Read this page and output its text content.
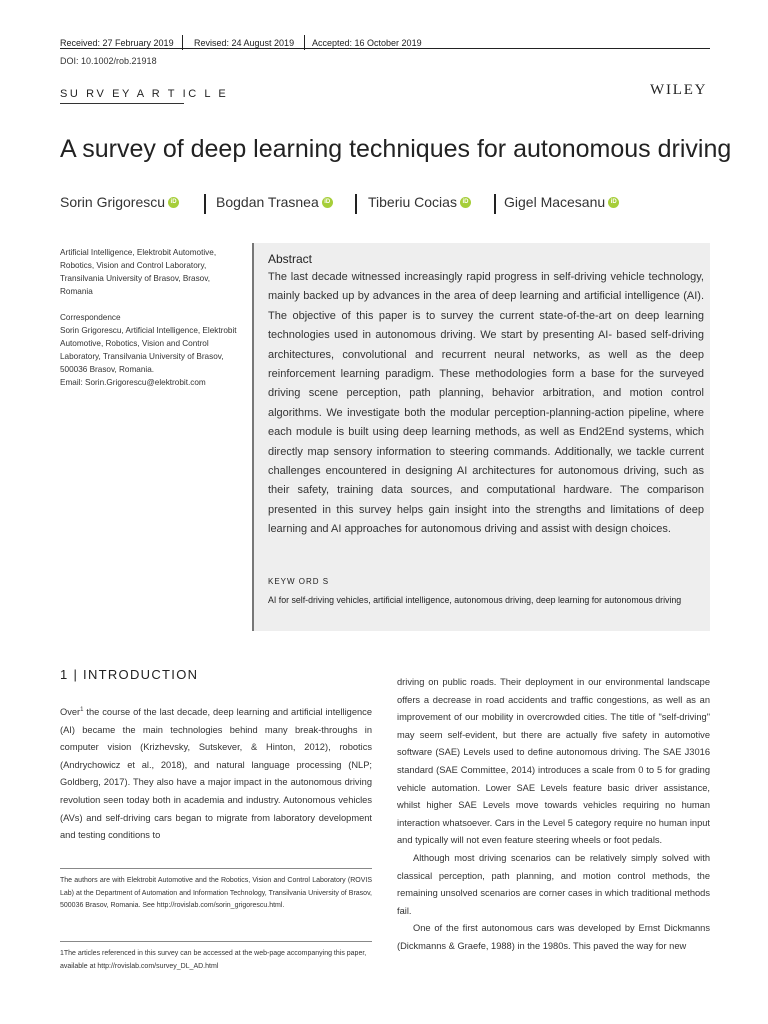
Received: 27 February 2019 Revised: 24 August 2019 Accepted: 16 October 2019
DOI: 10.1002/rob.21918
SU RV EY A R T IC L E	WILEY
A survey of deep learning techniques for autonomous driving
Sorin Grigorescu iD	Bogdan Trasnea iD	Tiberiu Cocias iD	Gigel Macesanu iD
Artificial Intelligence, Elektrobit Automotive, Robotics, Vision and Control Laboratory, Transilvania University of Brasov, Brasov, Romania
Correspondence
Sorin Grigorescu, Artificial Intelligence, Elektrobit Automotive, Robotics, Vision and Control Laboratory, Transilvania University of Brasov, 500036 Brasov, Romania.
Email: Sorin.Grigorescu@elektrobit.com
Abstract
The last decade witnessed increasingly rapid progress in self-driving vehicle technology, mainly backed up by advances in the area of deep learning and artificial intelligence (AI). The objective of this paper is to survey the current state-of-the-art on deep learning technologies used in autonomous driving. We start by presenting AI- based self-driving architectures, convolutional and recurrent neural networks, as well as the deep reinforcement learning paradigm. These methodologies form a base for the surveyed driving scene perception, path planning, behavior arbitration, and motion control algorithms. We investigate both the modular perception-planning-action pipeline, where each module is built using deep learning methods, as well as End2End systems, which directly map sensory information to steering commands. Additionally, we tackle current challenges encountered in designing AI architectures for autonomous driving, such as their safety, training data sources, and computational hardware. The comparison presented in this survey helps gain insight into the strengths and limitations of deep learning and AI approaches for autonomous driving and assist with design choices.
KEYW ORD S
AI for self-driving vehicles, artificial intelligence, autonomous driving, deep learning for autonomous driving
1 | INTRODUCTION
Over$^1$ the course of the last decade, deep learning and artificial intelligence (AI) became the main technologies behind many break-throughs in computer vision (Krizhevsky, Sutskever, & Hinton, 2012), robotics (Andrychowicz et al., 2018), and natural language processing (NLP; Goldberg, 2017). They also have a major impact in the autonomous driving revolution seen today both in academia and industry. Autonomous vehicles (AVs) and self-driving cars began to migrate from laboratory development and testing conditions to
The authors are with Elektrobit Automotive and the Robotics, Vision and Control Laboratory (ROVIS Lab) at the Department of Automation and Information Technology, Transilvania University of Brasov, 500036 Brasov, Romania. See http://rovislab.com/sorin_grigorescu.html.
1The articles referenced in this survey can be accessed at the web-page accompanying this paper, available at http://rovislab.com/survey_DL_AD.html

driving on public roads. Their deployment in our environmental landscape offers a decrease in road accidents and traffic congestions, as well as an improvement of our mobility in overcrowded cities. The title of "self-driving" may seem self-evident, but there are actually five safety in automotive software (SAE) Levels used to define autonomous driving. The SAE J3016 standard (SAE Committee, 2014) introduces a scale from 0 to 5 for grading vehicle automation. Lower SAE Levels feature basic driver assistance, whilst higher SAE Levels move towards vehicles requiring no human interaction whatsoever. Cars in the Level 5 category require no human input and typically will not even feature steering wheels or foot pedals.

Although most driving scenarios can be relatively simply solved with classical perception, path planning, and motion control methods, the remaining unsolved scenarios are corner cases in which traditional methods fail.

One of the first autonomous cars was developed by Ernst Dickmanns (Dickmanns & Graefe, 1988) in the 1980s. This paved the way for new
